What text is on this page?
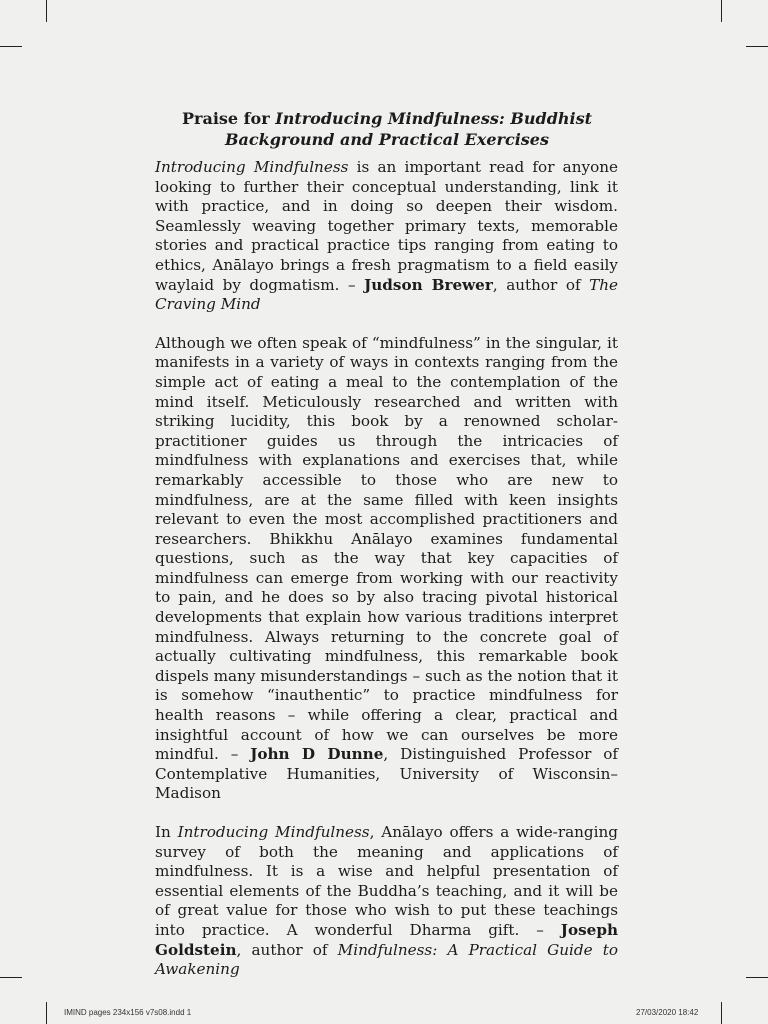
Praise for Introducing Mindfulness: Buddhist Background and Practical Exercises

Introducing Mindfulness is an important read for anyone looking to further their conceptual understanding, link it with practice, and in doing so deepen their wisdom. Seamlessly weaving together primary texts, memorable stories and practical practice tips ranging from eating to ethics, Anālayo brings a fresh pragmatism to a field easily waylaid by dogmatism. – Judson Brewer, author of The Craving Mind

Although we often speak of “mindfulness” in the singular, it manifests in a variety of ways in contexts ranging from the simple act of eating a meal to the contemplation of the mind itself. Meticulously researched and written with striking lucidity, this book by a renowned scholar-practitioner guides us through the intricacies of mindfulness with explanations and exercises that, while remarkably accessible to those who are new to mindfulness, are at the same filled with keen insights relevant to even the most accomplished practitioners and researchers. Bhikkhu Anālayo examines fundamental questions, such as the way that key capacities of mindfulness can emerge from working with our reactivity to pain, and he does so by also tracing pivotal historical developments that explain how various traditions interpret mindfulness. Always returning to the concrete goal of actually cultivating mindfulness, this remarkable book dispels many misunderstandings – such as the notion that it is somehow “inauthentic” to practice mindfulness for health reasons – while offering a clear, practical and insightful account of how we can ourselves be more mindful. – John D Dunne, Distinguished Professor of Contemplative Humanities, University of Wisconsin–Madison

In Introducing Mindfulness, Anālayo offers a wide-ranging survey of both the meaning and applications of mindfulness. It is a wise and helpful presentation of essential elements of the Buddha’s teaching, and it will be of great value for those who wish to put these teachings into practice. A wonderful Dharma gift. – Joseph Goldstein, author of Mindfulness: A Practical Guide to Awakening

IMIND pages 234x156 v7s08.indd 1	27/03/2020 18:42
